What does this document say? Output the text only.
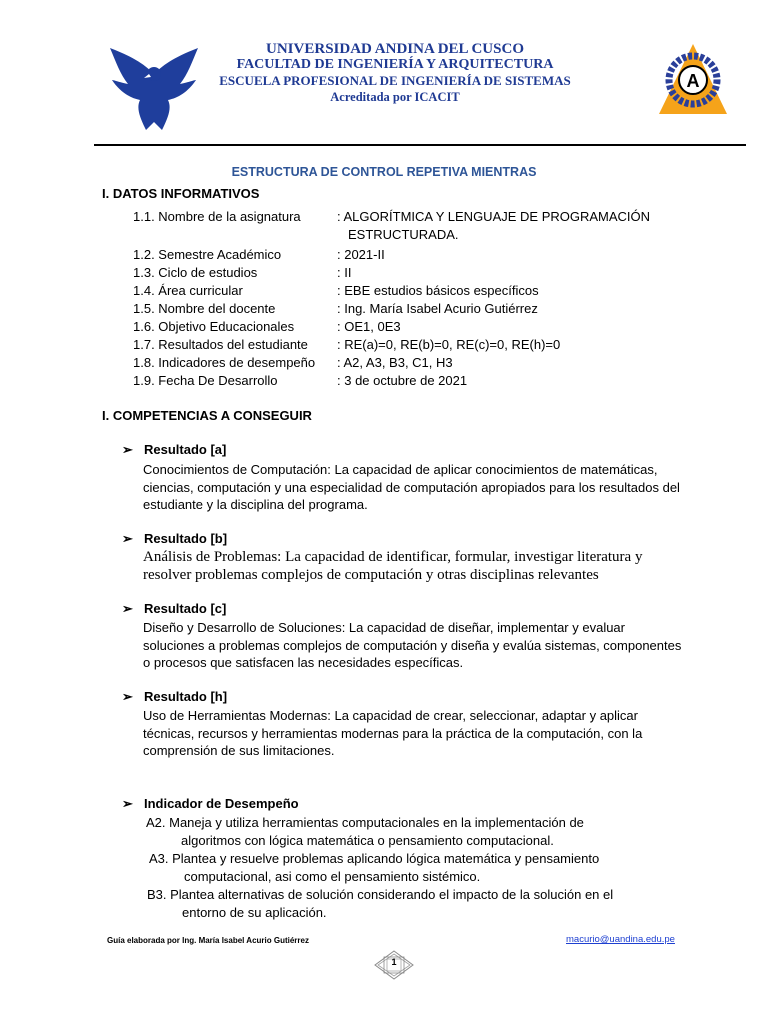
A
UNIVERSIDAD ANDINA DEL CUSCO
FACULTAD DE INGENIERÍA Y ARQUITECTURA
ESCUELA PROFESIONAL DE INGENIERÍA DE SISTEMAS
Acreditada por ICACIT
ESTRUCTURA DE CONTROL REPETIVA MIENTRAS
I. DATOS INFORMATIVOS
1.1. Nombre de la asignatura	: ALGORÍTMICA Y LENGUAJE DE PROGRAMACIÓN
ESTRUCTURADA.
1.2. Semestre Académico	: 2021-II
1.3. Ciclo de estudios	: II
1.4. Área curricular	: EBE estudios básicos específicos
1.5. Nombre del docente	: Ing. María Isabel Acurio Gutiérrez
1.6. Objetivo Educacionales	: OE1, 0E3
1.7. Resultados del estudiante : RE(a)=0, RE(b)=0, RE(c)=0, RE(h)=0
1.8. Indicadores de desempeño : A2, A3, B3, C1, H3
1.9. Fecha De Desarrollo	: 3 de octubre de 2021
I. COMPETENCIAS A CONSEGUIR
➢ Resultado [a]
Conocimientos de Computación: La capacidad de aplicar conocimientos de matemáticas, ciencias, computación y una especialidad de computación apropiados para los resultados del estudiante y la disciplina del programa.
➢ Resultado [b]
Análisis de Problemas: La capacidad de identificar, formular, investigar literatura y resolver problemas complejos de computación y otras disciplinas relevantes
➢ Resultado [c]
Diseño y Desarrollo de Soluciones: La capacidad de diseñar, implementar y evaluar soluciones a problemas complejos de computación y diseña y evalúa sistemas, componentes o procesos que satisfacen las necesidades específicas.
➢ Resultado [h]
Uso de Herramientas Modernas: La capacidad de crear, seleccionar, adaptar y aplicar técnicas, recursos y herramientas modernas para la práctica de la computación, con la comprensión de sus limitaciones.
➢ Indicador de Desempeño
A2. Maneja y utiliza herramientas computacionales en la implementación de
algoritmos con lógica matemática o pensamiento computacional.
A3. Plantea y resuelve problemas aplicando lógica matemática y pensamiento
computacional, asi como el pensamiento sistémico.
B3. Plantea alternativas de solución considerando el impacto de la solución en el
entorno de su aplicación.
Guía elaborada por Ing. María Isabel Acurio Gutiérrez	macurio@uandina.edu.pe
1
